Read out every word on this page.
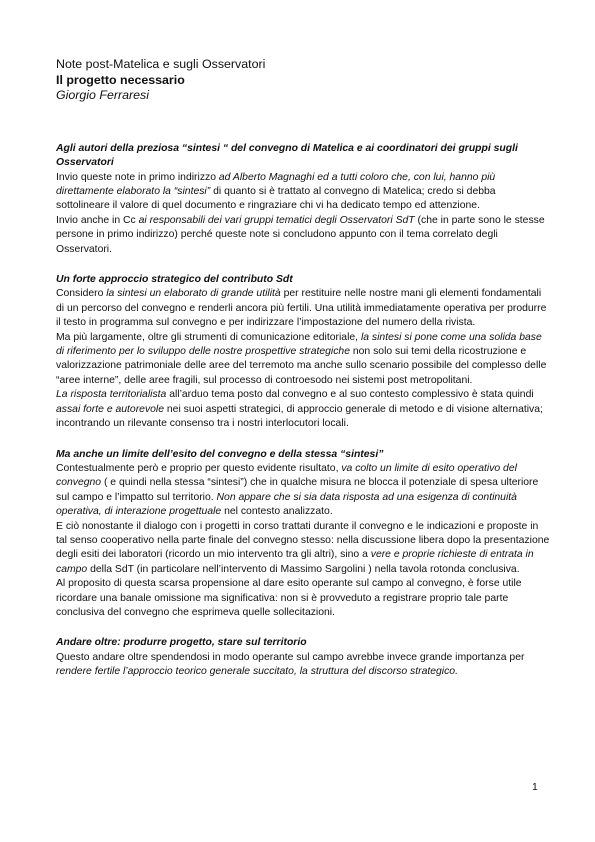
Note post-Matelica e sugli Osservatori
Il progetto necessario
Giorgio Ferraresi

Agli autori della preziosa “sintesi “ del convegno di Matelica e ai coordinatori dei gruppi sugli Osservatori

Invio queste note in primo indirizzo ad Alberto Magnaghi ed a tutti coloro che, con lui, hanno più direttamente elaborato la “sintesi” di quanto si è trattato al convegno di Matelica; credo si debba sottolineare il valore di quel documento e ringraziare chi vi ha dedicato tempo ed attenzione.

Invio anche in Cc ai responsabili dei vari gruppi tematici degli Osservatori SdT (che in parte sono le stesse persone in primo indirizzo) perché queste note si concludono appunto con il tema correlato degli Osservatori.

Un forte approccio strategico del contributo Sdt

Considero la sintesi un elaborato di grande utilità per restituire nelle nostre mani gli elementi fondamentali di un percorso del convegno e renderli ancora più fertili. Una utilità immediatamente operativa per produrre il testo in programma sul convegno e per indirizzare l’impostazione del numero della rivista.

Ma più largamente, oltre gli strumenti di comunicazione editoriale, la sintesi si pone come una solida base di riferimento per lo sviluppo delle nostre prospettive strategiche non solo sui temi della ricostruzione e valorizzazione patrimoniale delle aree del terremoto ma anche sullo scenario possibile del complesso delle “aree interne”, delle aree fragili, sul processo di controesodo nei sistemi post metropolitani.

La risposta territorialista all’arduo tema posto dal convegno e al suo contesto complessivo è stata quindi assai forte e autorevole nei suoi aspetti strategici, di approccio generale di metodo e di visione alternativa; incontrando un rilevante consenso tra i nostri interlocutori locali.

Ma anche un limite dell’esito del convegno e della stessa “sintesi”

Contestualmente però e proprio per questo evidente risultato, va colto un limite di esito operativo del convegno ( e quindi nella stessa “sintesi”) che in qualche misura ne blocca il potenziale di spesa ulteriore sul campo e l’impatto sul territorio. Non appare che si sia data risposta ad una esigenza di continuità operativa, di interazione progettuale nel contesto analizzato.

E ciò nonostante il dialogo con i progetti in corso trattati durante il convegno e le indicazioni e proposte in tal senso cooperativo nella parte finale del convegno stesso: nella discussione libera dopo la presentazione degli esiti dei laboratori (ricordo un mio intervento tra gli altri), sino a vere e proprie richieste di entrata in campo della SdT (in particolare nell’intervento di Massimo Sargolini ) nella tavola rotonda conclusiva.

Al proposito di questa scarsa propensione al dare esito operante sul campo al convegno, è forse utile ricordare una banale omissione ma significativa: non si è provveduto a registrare proprio tale parte conclusiva del convegno che esprimeva quelle sollecitazioni.

Andare oltre: produrre progetto, stare sul territorio

Questo andare oltre spendendosi in modo operante sul campo avrebbe invece grande importanza per rendere fertile l’approccio teorico generale succitato, la struttura del discorso strategico.

1
